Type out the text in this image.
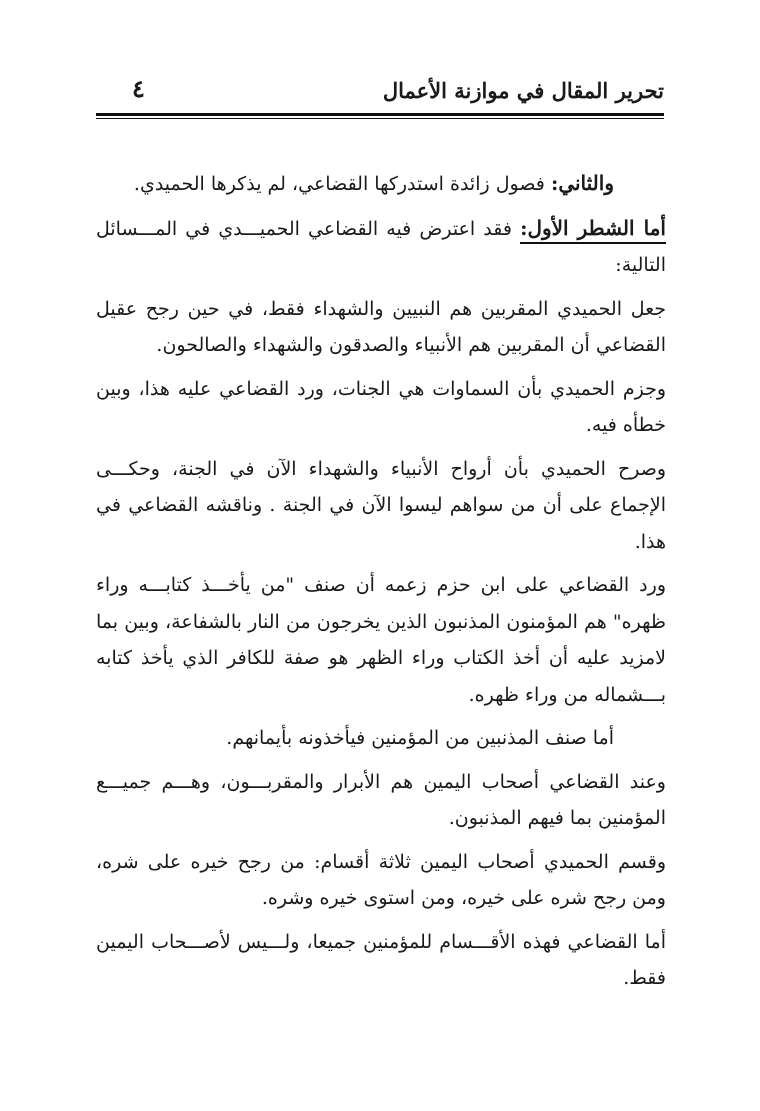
تحرير المقال في موازنة الأعمال
٤

والثاني: فصول زائدة استدركها القضاعي، لم يذكرها الحميدي.

أما الشطر الأول: فقد اعترض فيه القضاعي الحميـــدي في المـــسائل التالية:

جعل الحميدي المقربين هم النبيين والشهداء فقط، في حين رجح عقيل القضاعي أن المقربين هم الأنبياء والصدقون والشهداء والصالحون.

وجزم الحميدي بأن السماوات هي الجنات، ورد القضاعي عليه هذا، وبين خطأه فيه.

وصرح الحميدي بأن أرواح الأنبياء والشهداء الآن في الجنة، وحكـــى الإجماع على أن من سواهم ليسوا الآن في الجنة . وناقشه القضاعي في هذا.

ورد القضاعي على ابن حزم زعمه أن صنف "من يأخـــذ كتابـــه وراء ظهره" هم المؤمنون المذنبون الذين يخرجون من النار بالشفاعة، وبين بما لامزيد عليه أن أخذ الكتاب وراء الظهر هو صفة للكافر الذي يأخذ كتابه بـــشماله من وراء ظهره.

أما صنف المذنبين من المؤمنين فيأخذونه بأيمانهم.

وعند القضاعي أصحاب اليمين هم الأبرار والمقربـــون، وهـــم جميـــع المؤمنين بما فيهم المذنبون.

وقسم الحميدي أصحاب اليمين ثلاثة أقسام: من رجح خيره على شره، ومن رجح شره على خيره، ومن استوى خيره وشره.

أما القضاعي فهذه الأقـــسام للمؤمنين جميعا، ولـــيس لأصـــحاب اليمين فقط.
